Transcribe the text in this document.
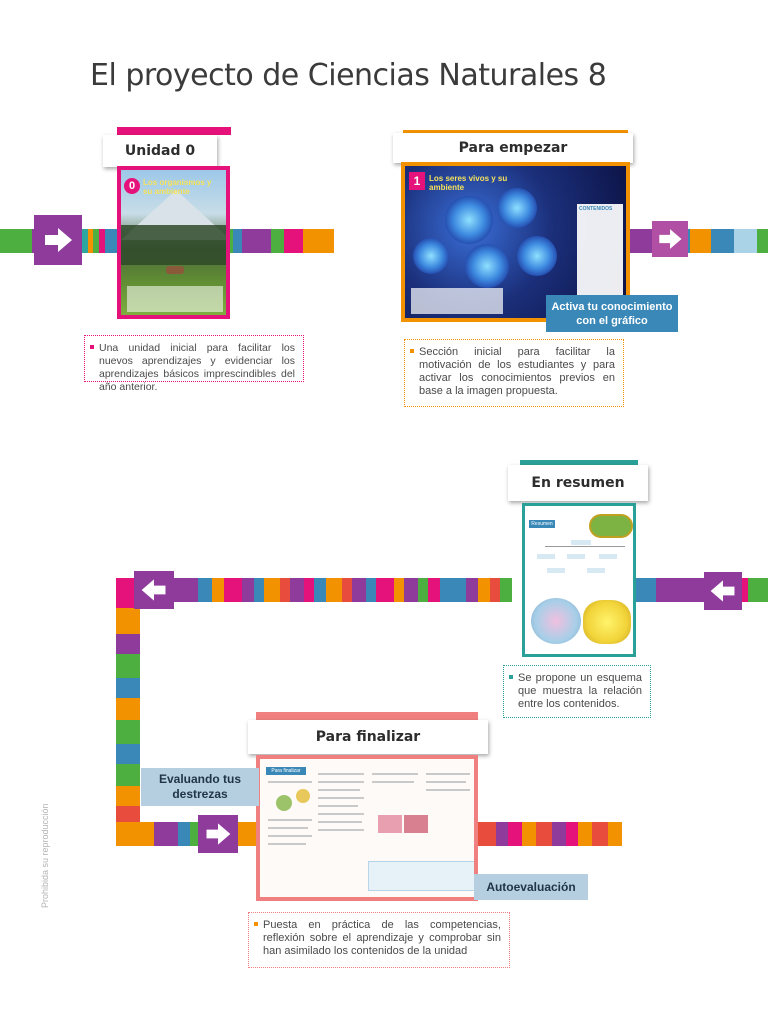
El proyecto de Ciencias Naturales 8
Prohibida su reproducción
Unidad 0
0 Los organismos y su ambiente
Una unidad inicial para facilitar los nuevos aprendizajes y evidenciar los aprendizajes básicos imprescindibles del año anterior.
Para empezar
1	Los seres vivos y su ambiente
CONTENIDOS
Activa tu conocimiento con el gráfico
Sección inicial para facilitar la motivación de los estudiantes y para activar los conocimientos previos en base a la imagen propuesta.
En resumen
Resumen
Se propone un esquema que muestra la relación entre los contenidos.
Para finalizar
Para finalizar
Evaluando tus destrezas
Autoevaluación
Puesta en práctica de las competencias, reflexión sobre el aprendizaje y comprobar sin han asimilado los contenidos de la unidad
